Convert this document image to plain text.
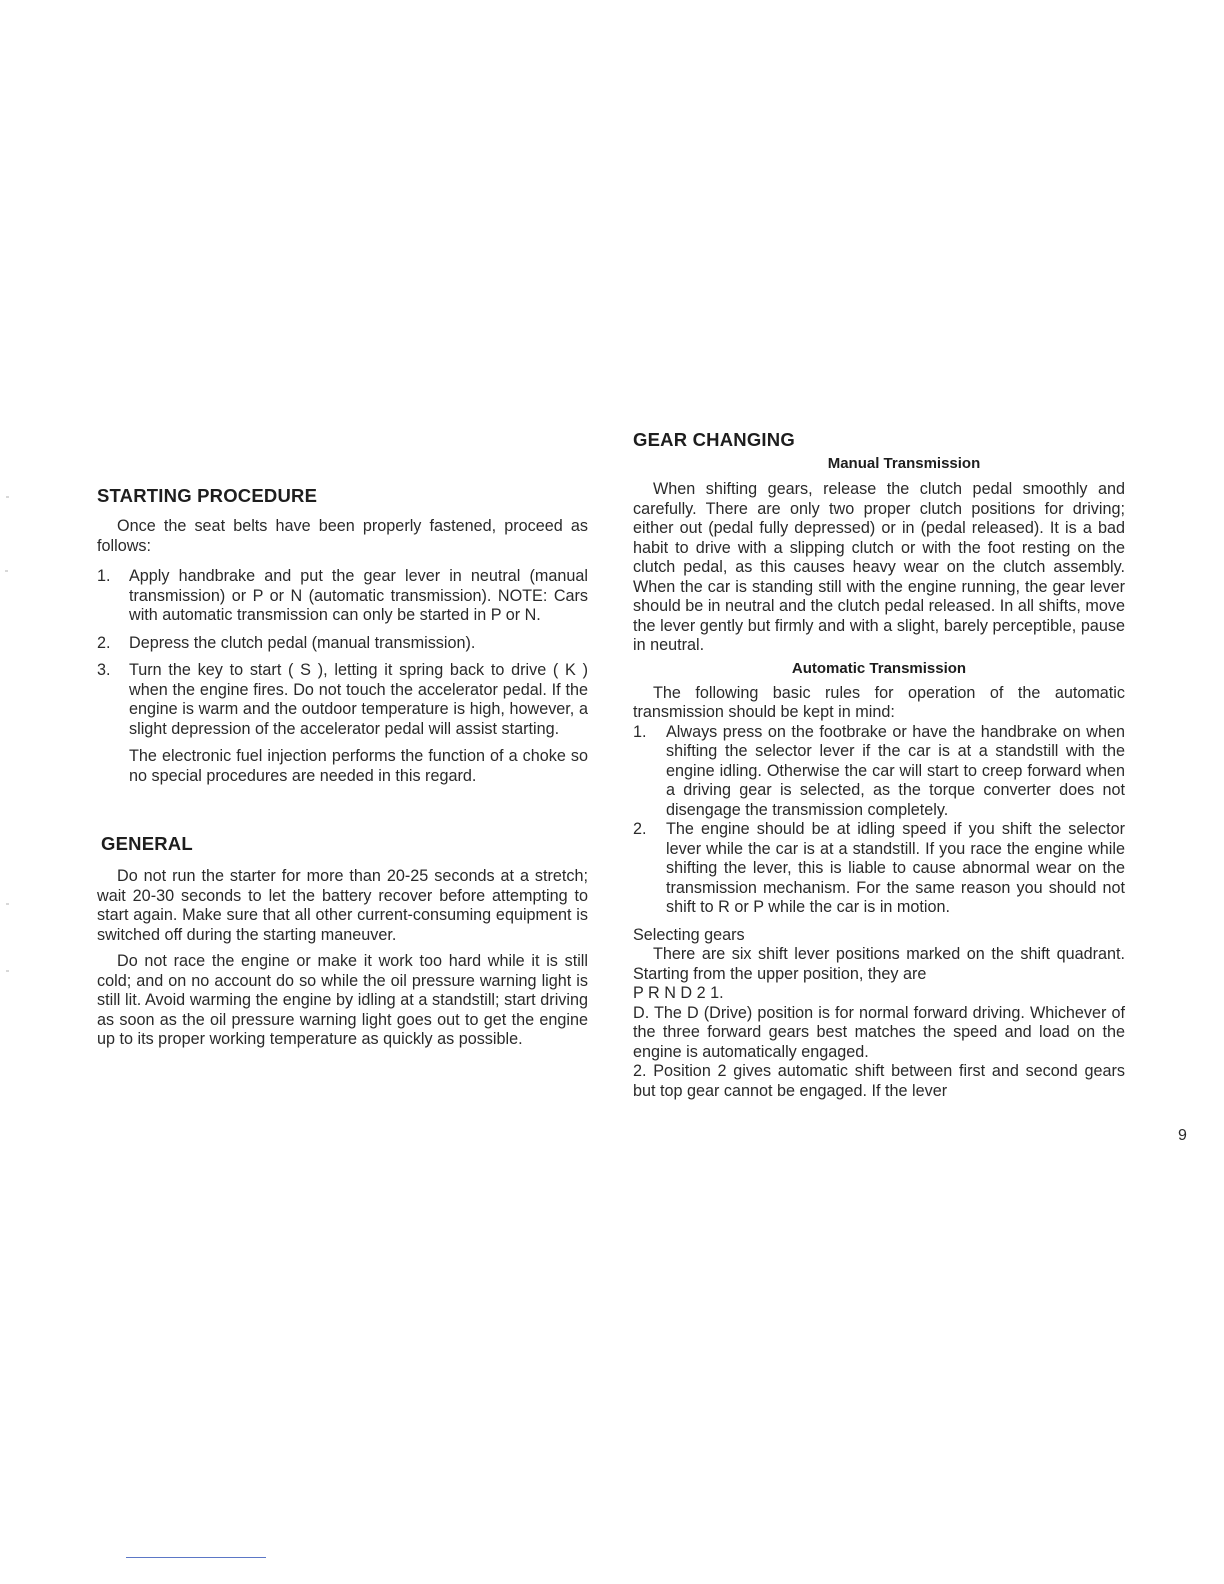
STARTING PROCEDURE

Once the seat belts have been properly fastened, proceed as follows:

1. Apply handbrake and put the gear lever in neutral (manual transmission) or P or N (automatic transmission). NOTE: Cars with automatic transmission can only be started in P or N.
2. Depress the clutch pedal (manual transmission).
3. Turn the key to start ( S ), letting it spring back to drive ( K ) when the engine fires. Do not touch the accelerator pedal. If the engine is warm and the outdoor temperature is high, however, a slight depression of the accelerator pedal will assist starting.

The electronic fuel injection performs the function of a choke so no special procedures are needed in this regard.

GENERAL

Do not run the starter for more than 20-25 seconds at a stretch; wait 20-30 seconds to let the battery recover before attempting to start again. Make sure that all other current-consuming equipment is switched off during the starting maneuver.

Do not race the engine or make it work too hard while it is still cold; and on no account do so while the oil pressure warning light is still lit. Avoid warming the engine by idling at a standstill; start driving as soon as the oil pressure warning light goes out to get the engine up to its proper working temperature as quickly as possible.

GEAR CHANGING
Manual Transmission

When shifting gears, release the clutch pedal smoothly and carefully. There are only two proper clutch positions for driving; either out (pedal fully depressed) or in (pedal released). It is a bad habit to drive with a slipping clutch or with the foot resting on the clutch pedal, as this causes heavy wear on the clutch assembly. When the car is standing still with the engine running, the gear lever should be in neutral and the clutch pedal released. In all shifts, move the lever gently but firmly and with a slight, barely perceptible, pause in neutral.

Automatic Transmission

The following basic rules for operation of the automatic transmission should be kept in mind:

1. Always press on the footbrake or have the handbrake on when shifting the selector lever if the car is at a standstill with the engine idling. Otherwise the car will start to creep forward when a driving gear is selected, as the torque converter does not disengage the transmission completely.
2. The engine should be at idling speed if you shift the selector lever while the car is at a standstill. If you race the engine while shifting the lever, this is liable to cause abnormal wear on the transmission mechanism. For the same reason you should not shift to R or P while the car is in motion.

Selecting gears

There are six shift lever positions marked on the shift quadrant. Starting from the upper position, they are

P R N D 2 1.

D. The D (Drive) position is for normal forward driving. Whichever of the three forward gears best matches the speed and load on the engine is automatically engaged.

2. Position 2 gives automatic shift between first and second gears but top gear cannot be engaged. If the lever

9
